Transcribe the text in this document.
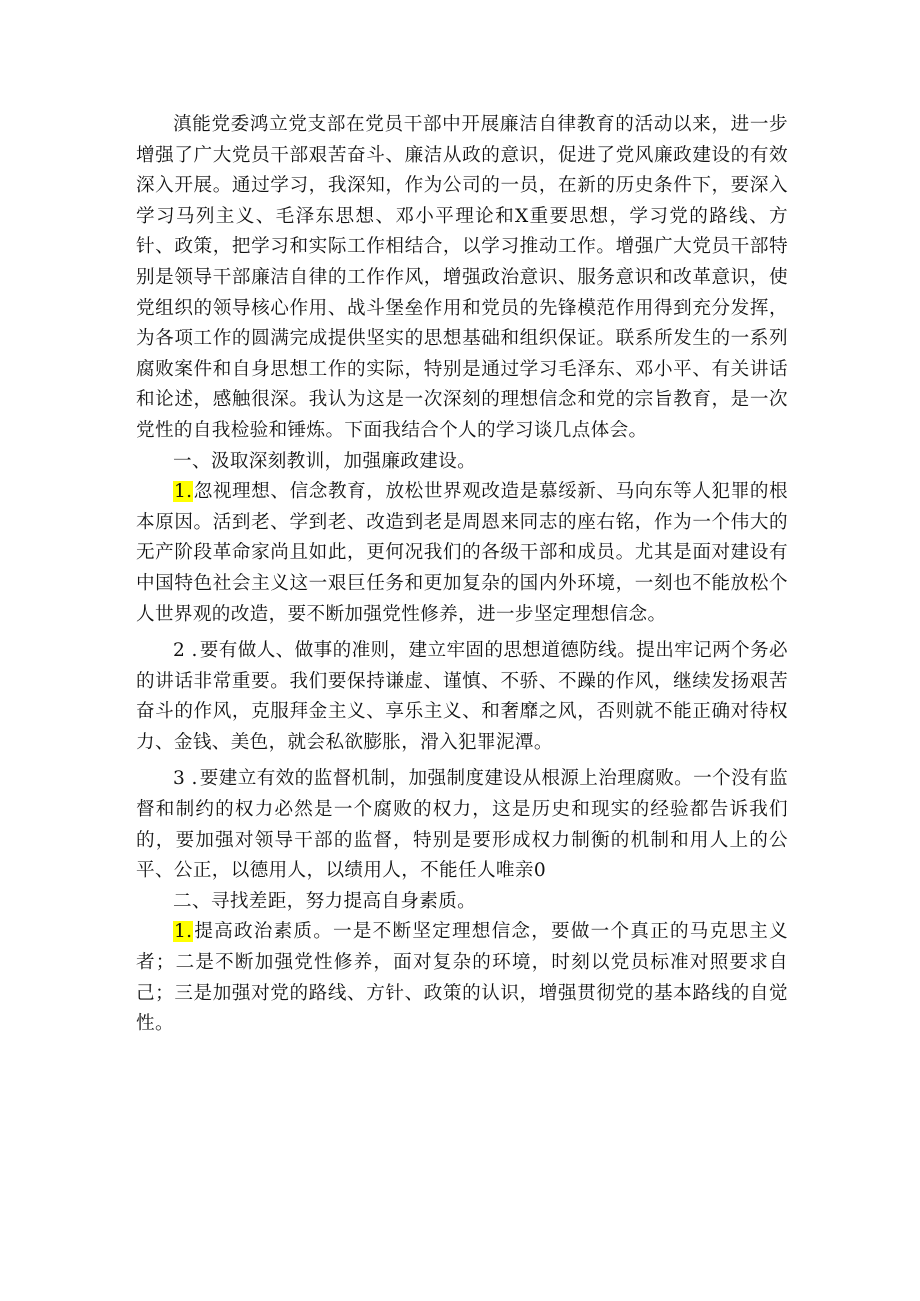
滇能党委鸿立党支部在党员干部中开展廉洁自律教育的活动以来，进一步增强了广大党员干部艰苦奋斗、廉洁从政的意识，促进了党风廉政建设的有效深入开展。通过学习，我深知，作为公司的一员，在新的历史条件下，要深入学习马列主义、毛泽东思想、邓小平理论和X重要思想，学习党的路线、方针、政策，把学习和实际工作相结合，以学习推动工作。增强广大党员干部特别是领导干部廉洁自律的工作作风，增强政治意识、服务意识和改革意识，使党组织的领导核心作用、战斗堡垒作用和党员的先锋模范作用得到充分发挥，为各项工作的圆满完成提供坚实的思想基础和组织保证。联系所发生的一系列腐败案件和自身思想工作的实际，特别是通过学习毛泽东、邓小平、有关讲话和论述，感触很深。我认为这是一次深刻的理想信念和党的宗旨教育，是一次党性的自我检验和锤炼。下面我结合个人的学习谈几点体会。

一、汲取深刻教训，加强廉政建设。

1.忽视理想、信念教育，放松世界观改造是慕绥新、马向东等人犯罪的根本原因。活到老、学到老、改造到老是周恩来同志的座右铭，作为一个伟大的无产阶段革命家尚且如此，更何况我们的各级干部和成员。尤其是面对建设有中国特色社会主义这一艰巨任务和更加复杂的国内外环境，一刻也不能放松个人世界观的改造，要不断加强党性修养，进一步坚定理想信念。

2 . 要有做人、做事的准则，建立牢固的思想道德防线。提出牢记两个务必的讲话非常重要。我们要保持谦虚、谨慎、不骄、不躁的作风，继续发扬艰苦奋斗的作风，克服拜金主义、享乐主义、和奢靡之风，否则就不能正确对待权力、金钱、美色，就会私欲膨胀，滑入犯罪泥潭。

3 . 要建立有效的监督机制，加强制度建设从根源上治理腐败。一个没有监督和制约的权力必然是一个腐败的权力，这是历史和现实的经验都告诉我们的，要加强对领导干部的监督，特别是要形成权力制衡的机制和用人上的公平、公正，以德用人，以绩用人，不能任人唯亲0

二、寻找差距，努力提高自身素质。

1.提高政治素质。一是不断坚定理想信念，要做一个真正的马克思主义者；二是不断加强党性修养，面对复杂的环境，时刻以党员标准对照要求自己；三是加强对党的路线、方针、政策的认识，增强贯彻党的基本路线的自觉性。
